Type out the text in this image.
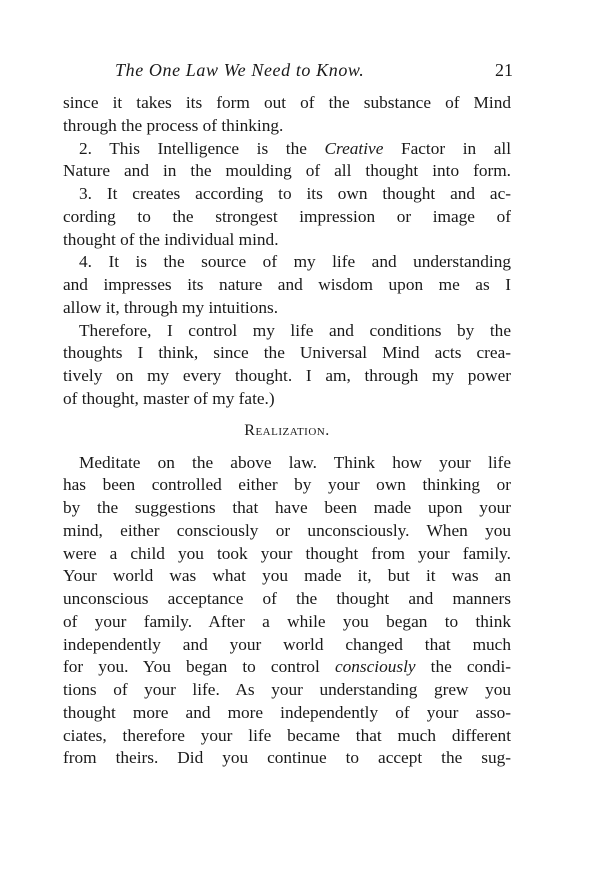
The One Law We Need to Know.	21
since it takes its form out of the substance of Mind
through the process of thinking.
2. This Intelligence is the Creative Factor in all
Nature and in the moulding of all thought into form.
3. It creates according to its own thought and ac-
cording to the strongest impression or image of
thought of the individual mind.
4. It is the source of my life and understanding
and impresses its nature and wisdom upon me as I
allow it, through my intuitions.
Therefore, I control my life and conditions by the
thoughts I think, since the Universal Mind acts crea-
tively on my every thought. I am, through my power
of thought, master of my fate.)
Realization.
Meditate on the above law. Think how your life
has been controlled either by your own thinking or
by the suggestions that have been made upon your
mind, either consciously or unconsciously. When you
were a child you took your thought from your family.
Your world was what you made it, but it was an
unconscious acceptance of the thought and manners
of your family. After a while you began to think
independently and your world changed that much
for you. You began to control consciously the condi-
tions of your life. As your understanding grew you
thought more and more independently of your asso-
ciates, therefore your life became that much different
from theirs. Did you continue to accept the sug-
